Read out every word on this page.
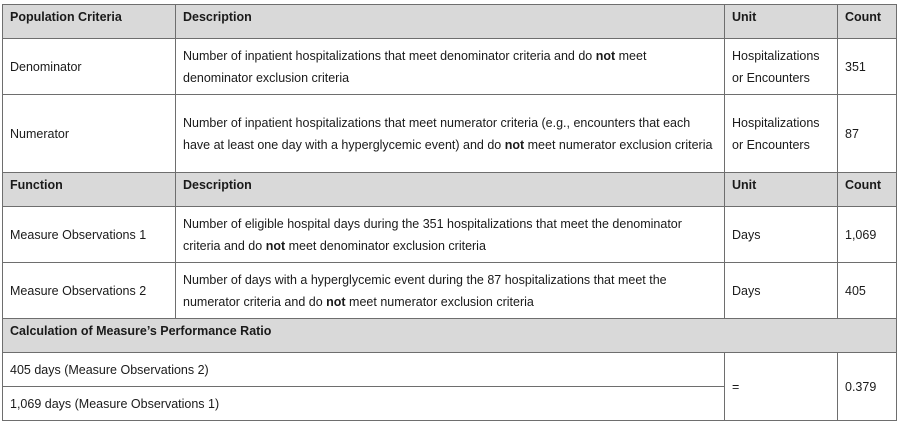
Population Criteria	Description	Unit	Count
Denominator	Number of inpatient hospitalizations that meet denominator criteria and do not meet denominator exclusion criteria	Hospitalizations or Encounters	351
Numerator	Number of inpatient hospitalizations that meet numerator criteria (e.g., encounters that each have at least one day with a hyperglycemic event) and do not meet numerator exclusion criteria	Hospitalizations or Encounters	87
Function	Description	Unit	Count
Measure Observations 1	Number of eligible hospital days during the 351 hospitalizations that meet the denominator criteria and do not meet denominator exclusion criteria	Days	1,069
Measure Observations 2	Number of days with a hyperglycemic event during the 87 hospitalizations that meet the numerator criteria and do not meet numerator exclusion criteria	Days	405
Calculation of Measure’s Performance Ratio			
405 days (Measure Observations 2)		=	0.379
1,069 days (Measure Observations 1)			
